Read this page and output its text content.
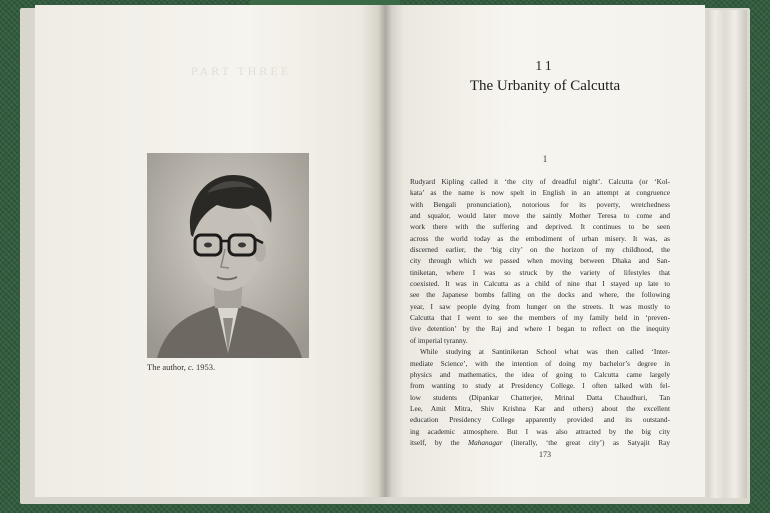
PART THREE
The author, c. 1953.
11
The Urbanity of Calcutta
1

Rudyard Kipling called it ‘the city of dreadful night’. Calcutta (or ‘Kol-
kata’ as the name is now spelt in English in an attempt at congruence
with Bengali pronunciation), notorious for its poverty, wretchedness
and squalor, would later move the saintly Mother Teresa to come and
work there with the suffering and deprived. It continues to be seen
across the world today as the embodiment of urban misery. It was, as
discerned earlier, the ‘big city’ on the horizon of my childhood, the
city through which we passed when moving between Dhaka and San-
tiniketan, where I was so struck by the variety of lifestyles that
coexisted. It was in Calcutta as a child of nine that I stayed up late to
see the Japanese bombs falling on the docks and where, the following
year, I saw people dying from hunger on the streets. It was mostly to
Calcutta that I went to see the members of my family held in ‘preven-
tive detention’ by the Raj and where I began to reflect on the inequity
of imperial tyranny.

While studying at Santiniketan School what was then called ‘Inter-
mediate Science’, with the intention of doing my bachelor’s degree in
physics and mathematics, the idea of going to Calcutta came largely
from wanting to study at Presidency College. I often talked with fel-
low students (Dipankar Chatterjee, Mrinal Datta Chaudhuri, Tan
Lee, Amit Mitra, Shiv Krishna Kar and others) about the excellent
education Presidency College apparently provided and its outstand-
ing academic atmosphere. But I was also attracted by the big city
itself, by the Mahanagar (literally, ‘the great city’) as Satyajit Ray

173
